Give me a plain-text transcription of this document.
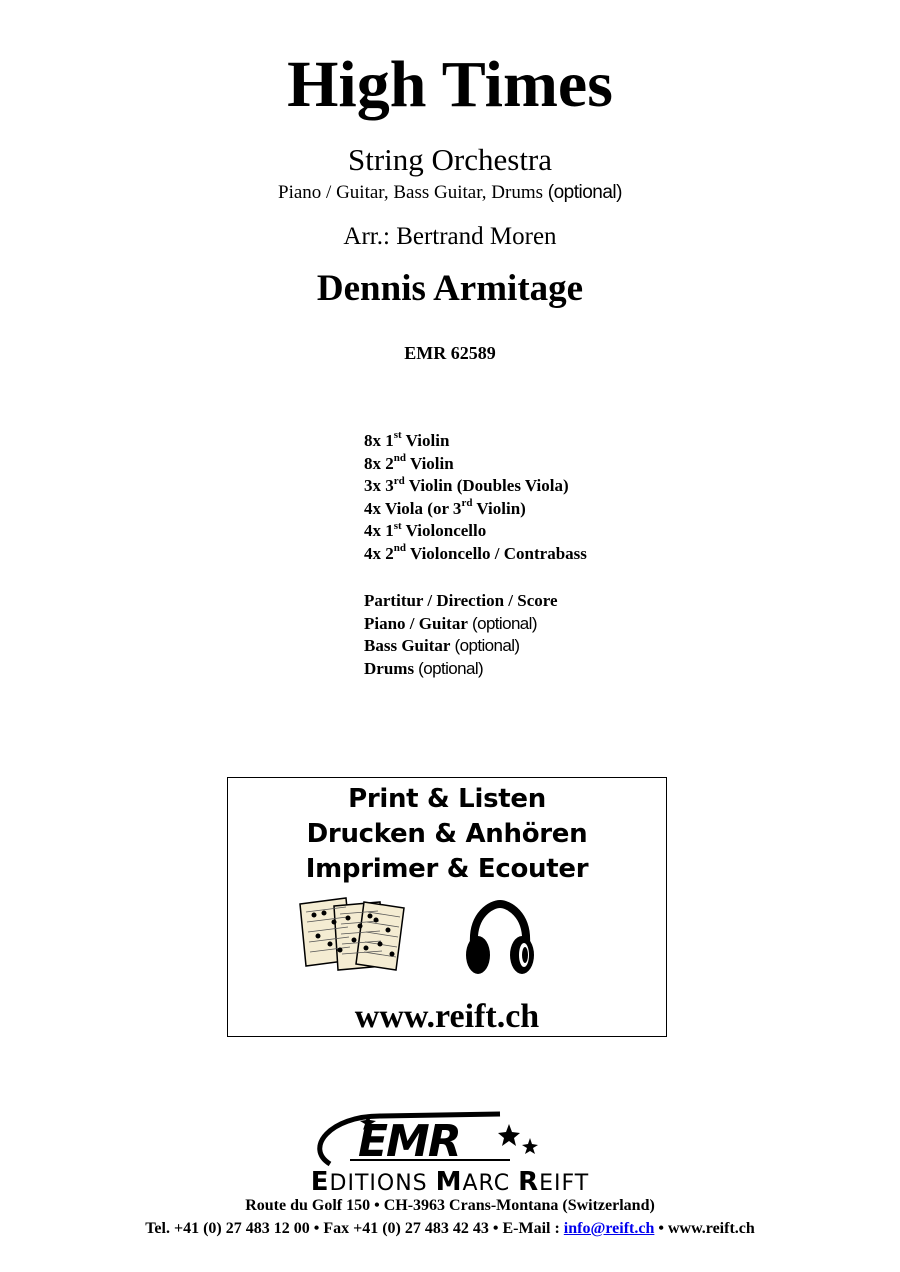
High Times
String Orchestra
Piano / Guitar, Bass Guitar, Drums (optional)
Arr.: Bertrand Moren
Dennis Armitage
EMR 62589
8x 1st Violin
8x 2nd Violin
3x 3rd Violin (Doubles Viola)
4x Viola (or 3rd Violin)
4x 1st Violoncello
4x 2nd Violoncello / Contrabass
Partitur / Direction / Score
Piano / Guitar (optional)
Bass Guitar (optional)
Drums (optional)
Print & Listen
Drucken & Anhören
Imprimer & Ecouter
www.reift.ch
EMR
EDITIONS MARC REIFT
Route du Golf 150 • CH-3963 Crans-Montana (Switzerland)
Tel. +41 (0) 27 483 12 00 • Fax +41 (0) 27 483 42 43 • E-Mail : info@reift.ch • www.reift.ch
